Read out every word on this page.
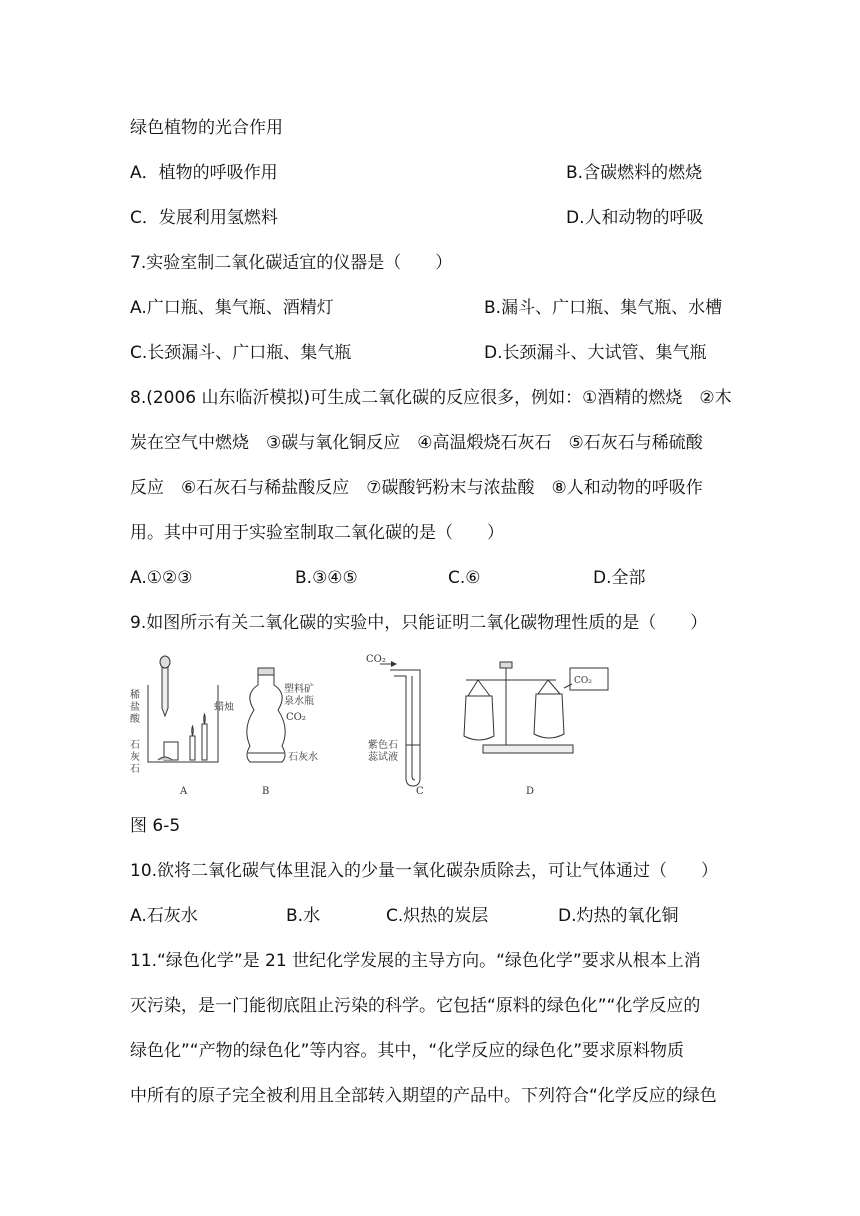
绿色植物的光合作用
A．植物的呼吸作用	B.含碳燃料的燃烧
C．发展利用氢燃料	D.人和动物的呼吸
7.实验室制二氧化碳适宜的仪器是（　　）
A.广口瓶、集气瓶、酒精灯	B.漏斗、广口瓶、集气瓶、水槽
C.长颈漏斗、广口瓶、集气瓶	D.长颈漏斗、大试管、集气瓶
8.(2006 山东临沂模拟)可生成二氧化碳的反应很多，例如：①酒精的燃烧　②木
炭在空气中燃烧　③碳与氧化铜反应　④高温煅烧石灰石　⑤石灰石与稀硫酸
反应　⑥石灰石与稀盐酸反应　⑦碳酸钙粉末与浓盐酸　⑧人和动物的呼吸作
用。其中可用于实验室制取二氧化碳的是（　　）
A.①②③	B.③④⑤	C.⑥	D.全部
9.如图所示有关二氧化碳的实验中，只能证明二氧化碳物理性质的是（　　）
稀
盐
酸
石
灰
石
蜡烛
塑料矿
泉水瓶
CO₂
石灰水
CO₂
紫色石
蕊试液
CO₂
A	B	C	D
图 6-5
10.欲将二氧化碳气体里混入的少量一氧化碳杂质除去，可让气体通过（　　）
A.石灰水	B.水	C.炽热的炭层	D.灼热的氧化铜
11.“绿色化学”是 21 世纪化学发展的主导方向。“绿色化学”要求从根本上消
灭污染，是一门能彻底阻止污染的科学。它包括“原料的绿色化”“化学反应的
绿色化”“产物的绿色化”等内容。其中，“化学反应的绿色化”要求原料物质
中所有的原子完全被利用且全部转入期望的产品中。下列符合“化学反应的绿色
